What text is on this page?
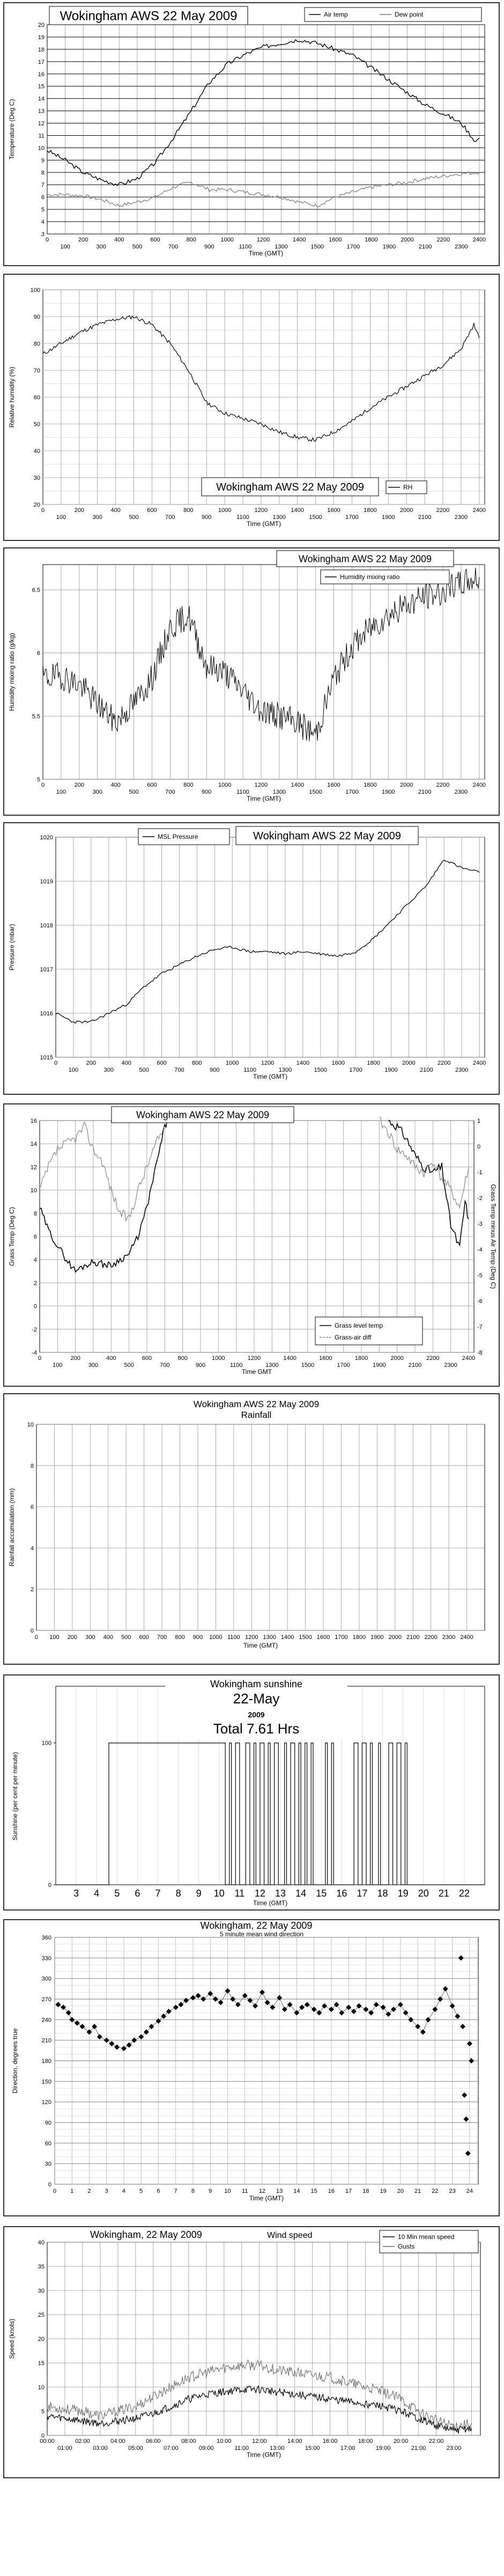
3
4
5
6
7
8
9
10
11
12
13
14
15
16
17
18
19
20
0	200	400	600	800	1000	1200	1400	1600	1800	2000	2200	2400
100	300	500	700	900	1100	1300	1500	1700	1900	2100	2300
Time (GMT)
Temperature (Deg C)
Wokingham AWS 22 May 2009	Air temp	Dew point
20
30
40
50
60
70
80
90
100
0	200	400	600	800	1000	1200	1400	1600	1800	2000	2200	2400
100	300	500	700	900	1100	1300	1500	1700	1900	2100	2300
Time (GMT)
Relative humidity (%)
Wokingham AWS 22 May 2009	RH
5
5.5
6
6.5
0	200	400	600	800	1000	1200	1400	1600	1800	2000	2200	2400
100	300	500	700	900	1100	1300	1500	1700	1900	2100	2300
Time (GMT)
Humidity mixing ratio (g/kg)
Wokingham AWS 22 May 2009
Humidity mixing ratio
1015
1016
1017
1018
1019
1020
0	200	400	600	800	1000	1200	1400	1600	1800	2000	2200	2400
100	300	500	700	900	1100	1300	1500	1700	1900	2100	2300
Time (GMT)
Pressure (mbar)
MSL Pressure	Wokingham AWS 22 May 2009
-4
-2
0
2
4
6
8
10
12
14
16
0	200	400	600	800	1000	1200	1400	1600	1800	2000	2200	2400
100	300	500	700	900	1100	1300	1500	1700	1900	2100	2300
Time GMT
Grass Temp (Deg C)
-8
-7
-6
-5
-4
-3
-2
-1
0
1
Grass Temp minus Air Temp (Deg C)
Wokingham AWS 22 May 2009
Grass level temp
Grass-air diff
0
2
4
6
8
10
0 100 200 300 400 500 600 700 800 900 1000 1100 1200 1300 1400 1500 1600 1700 1800 1900 2000 2100 2200 2300 2400
Time (GMT)
Rainfall accumulation (mm)
Wokingham AWS 22 May 2009
Rainfall
0
100
3 4 5 6 7 8 9 10 11 12 13 14 15 16 17 18 19 20 21 22
Time (GMT)
Sunshine (per cent per minute)
Wokingham sunshine
22-May
2009
Total 7.61 Hrs
0
30
60
90
120
150
180
210
240
270
300
330
360
0 1 2 3 4 5 6 7 8 9 10 11 12 13 14 15 16 17 18 19 20 21 22 23 24
Time (GMT)
Direction, degrees true
Wokingham, 22 May 2009
5 minute mean wind direction
0
5
10
15
20
25
30
35
40
00:00	02:00	04:00	06:00	08:00	10:00	12:00	14:00	16:00	18:00	20:00	22:00
01:00	03:00	05:00	07:00	09:00	11:00	13:00	15:00	17:00	19:00	21:00	23:00
Time (GMT)
Speed (knots)
Wokingham, 22 May 2009	Wind speed	10 Min mean speed
Gusts
